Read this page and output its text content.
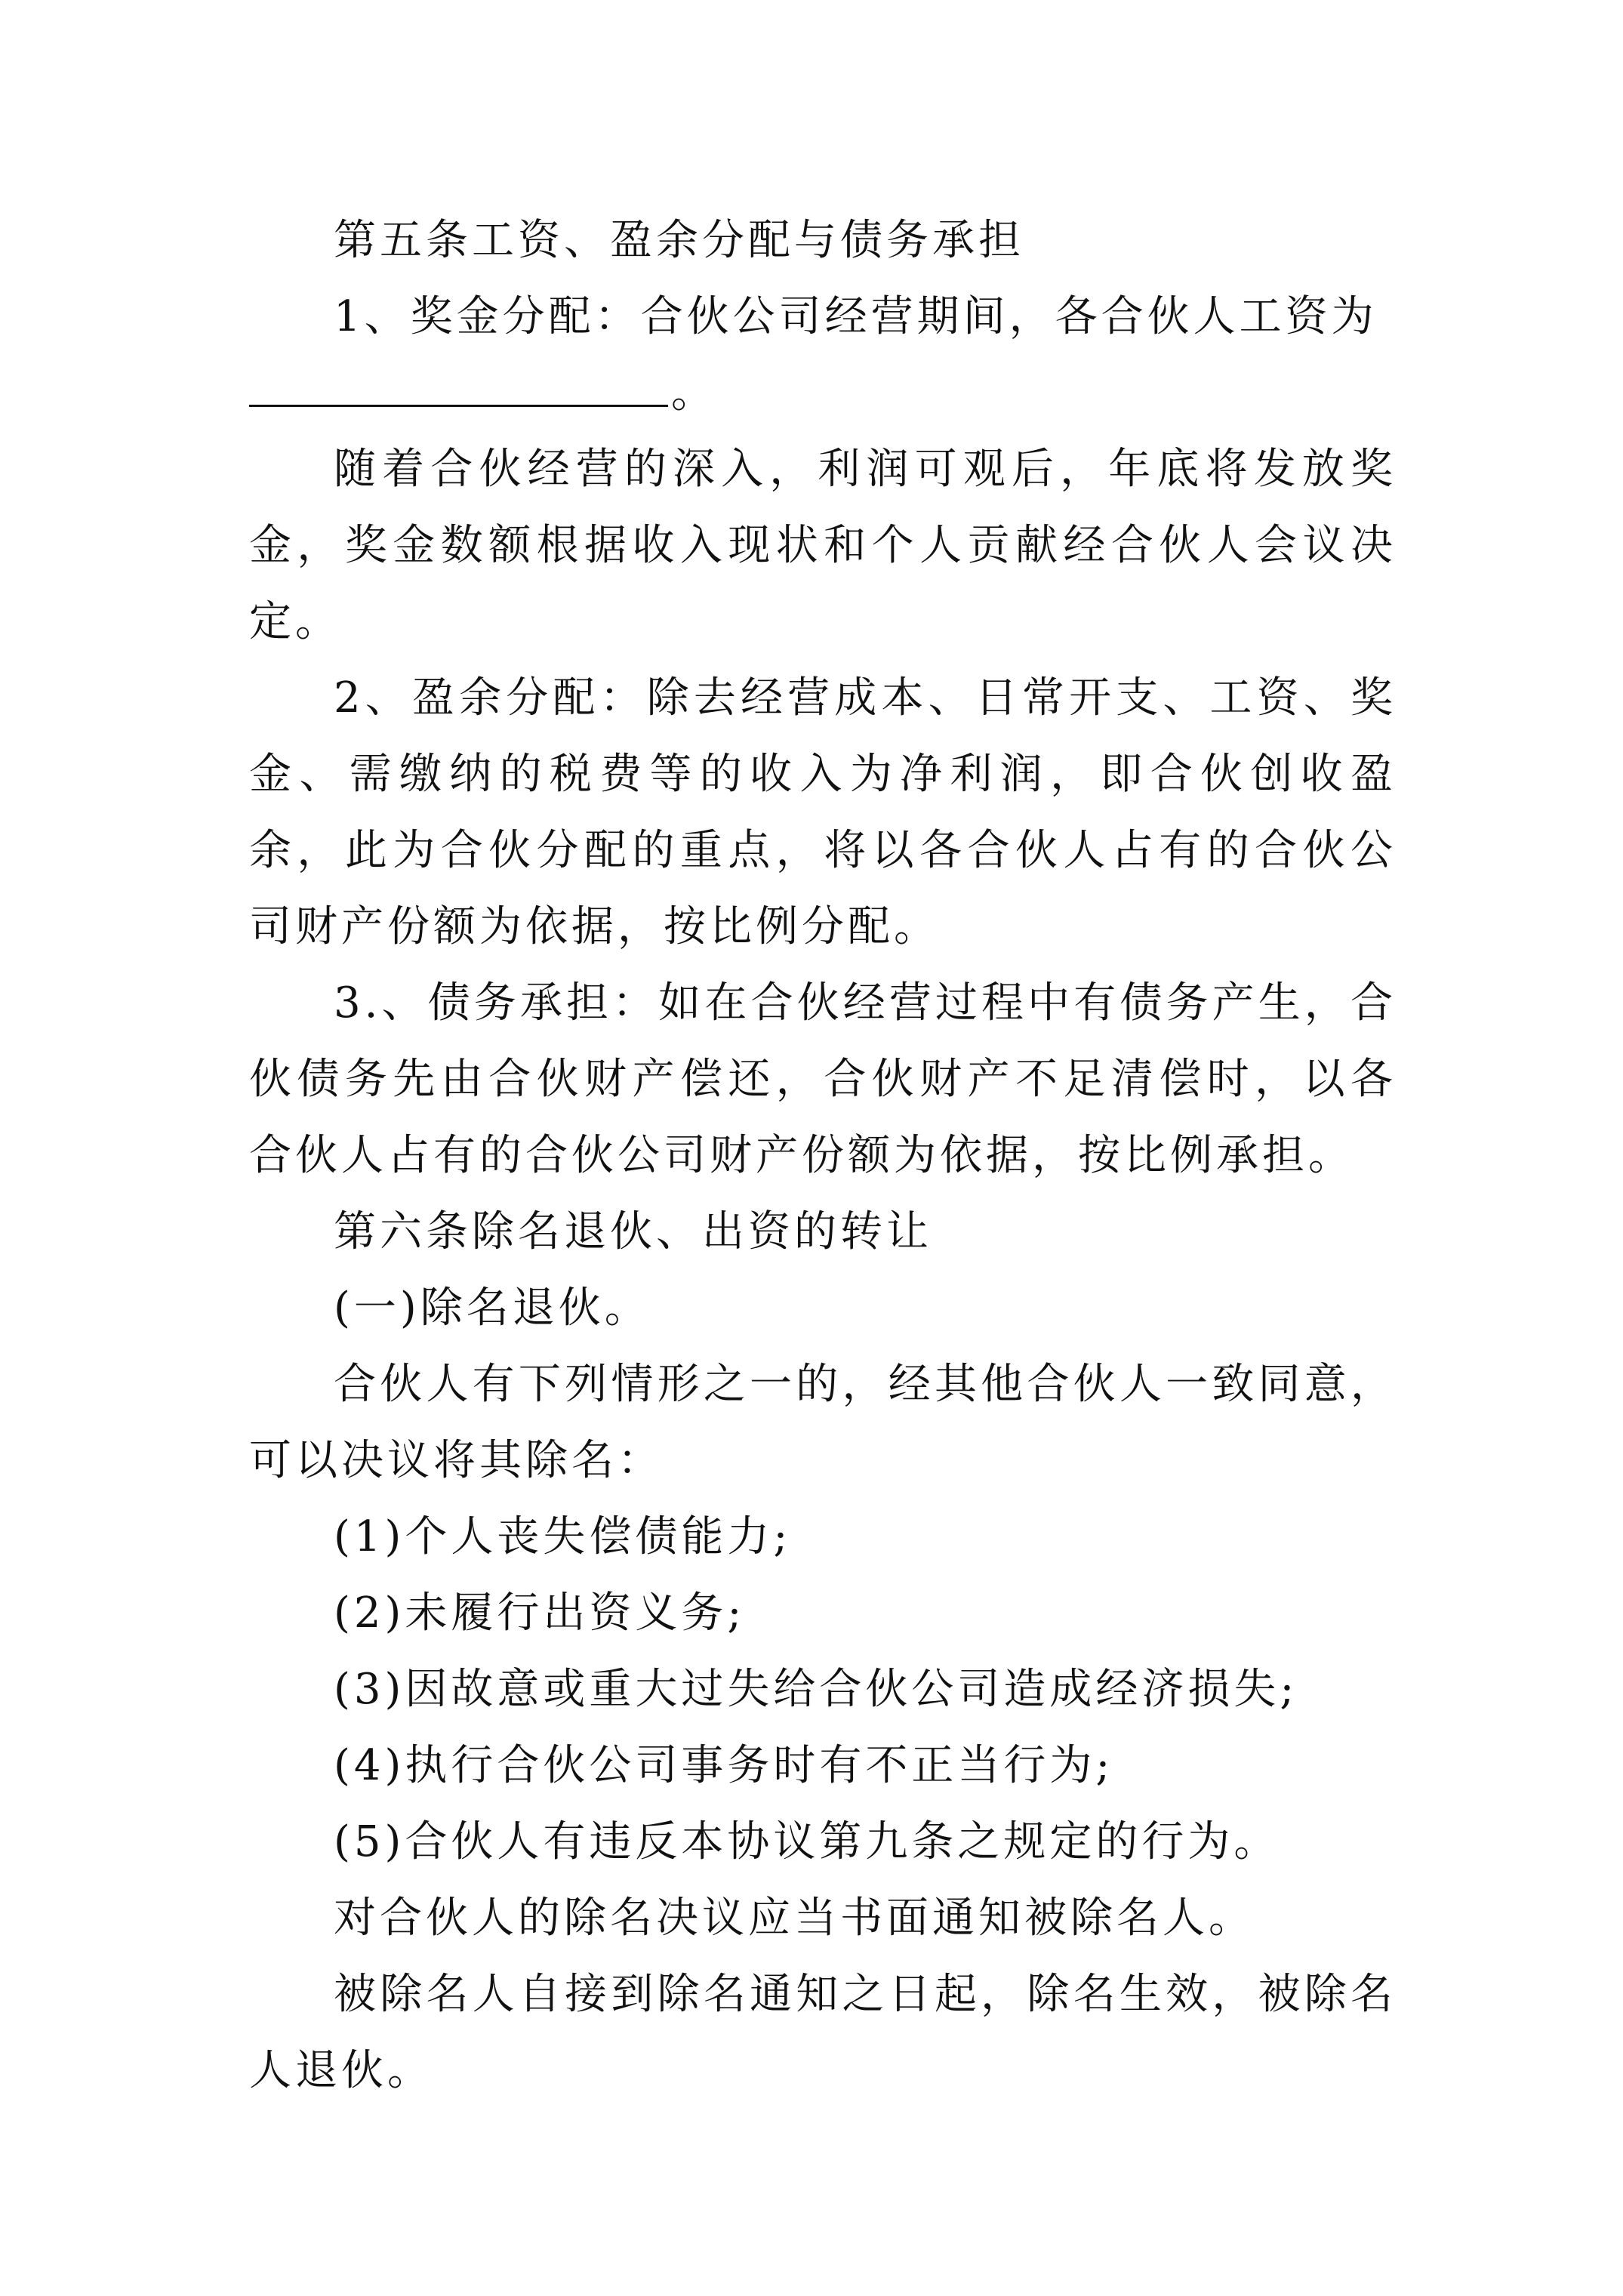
第五条工资、盈余分配与债务承担

1、奖金分配：合伙公司经营期间，各合伙人工资为

。

随着合伙经营的深入，利润可观后，年底将发放奖金，奖金数额根据收入现状和个人贡献经合伙人会议决定。

2、盈余分配：除去经营成本、日常开支、工资、奖金、需缴纳的税费等的收入为净利润，即合伙创收盈余，此为合伙分配的重点，将以各合伙人占有的合伙公司财产份额为依据，按比例分配。

3.、债务承担：如在合伙经营过程中有债务产生，合伙债务先由合伙财产偿还，合伙财产不足清偿时，以各合伙人占有的合伙公司财产份额为依据，按比例承担。

第六条除名退伙、出资的转让

(一)除名退伙。

合伙人有下列情形之一的，经其他合伙人一致同意，可以决议将其除名：

(1)个人丧失偿债能力;

(2)未履行出资义务;

(3)因故意或重大过失给合伙公司造成经济损失;

(4)执行合伙公司事务时有不正当行为;

(5)合伙人有违反本协议第九条之规定的行为。

对合伙人的除名决议应当书面通知被除名人。

被除名人自接到除名通知之日起，除名生效，被除名人退伙。
